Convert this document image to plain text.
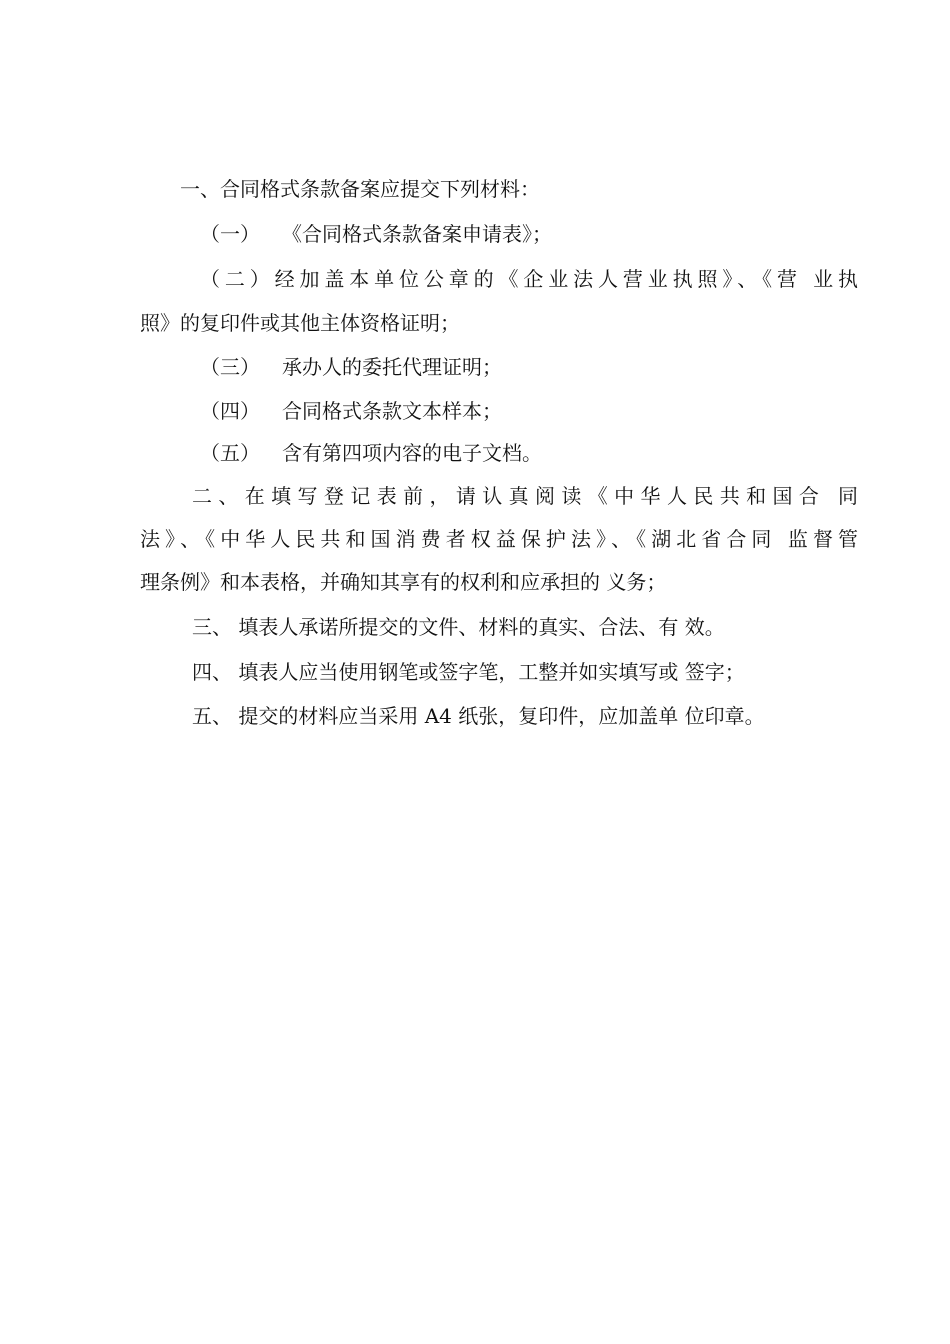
一、合同格式条款备案应提交下列材料：
（一） 《合同格式条款备案申请表》；
（二）经加盖本单位公章的《企业法人营业执照》、《营 业执
照》的复印件或其他主体资格证明；
（三） 承办人的委托代理证明；
（四） 合同格式条款文本样本；
（五） 含有第四项内容的电子文档。
二、在填写登记表前，请认真阅读《中华人民共和国合 同
法》、《中华人民共和国消费者权益保护法》、《湖北省合同 监督管
理条例》和本表格，并确知其享有的权利和应承担的 义务；
三、 填表人承诺所提交的文件、材料的真实、合法、有 效。
四、 填表人应当使用钢笔或签字笔，工整并如实填写或 签字；
五、 提交的材料应当采用 A4 纸张，复印件，应加盖单 位印章。
